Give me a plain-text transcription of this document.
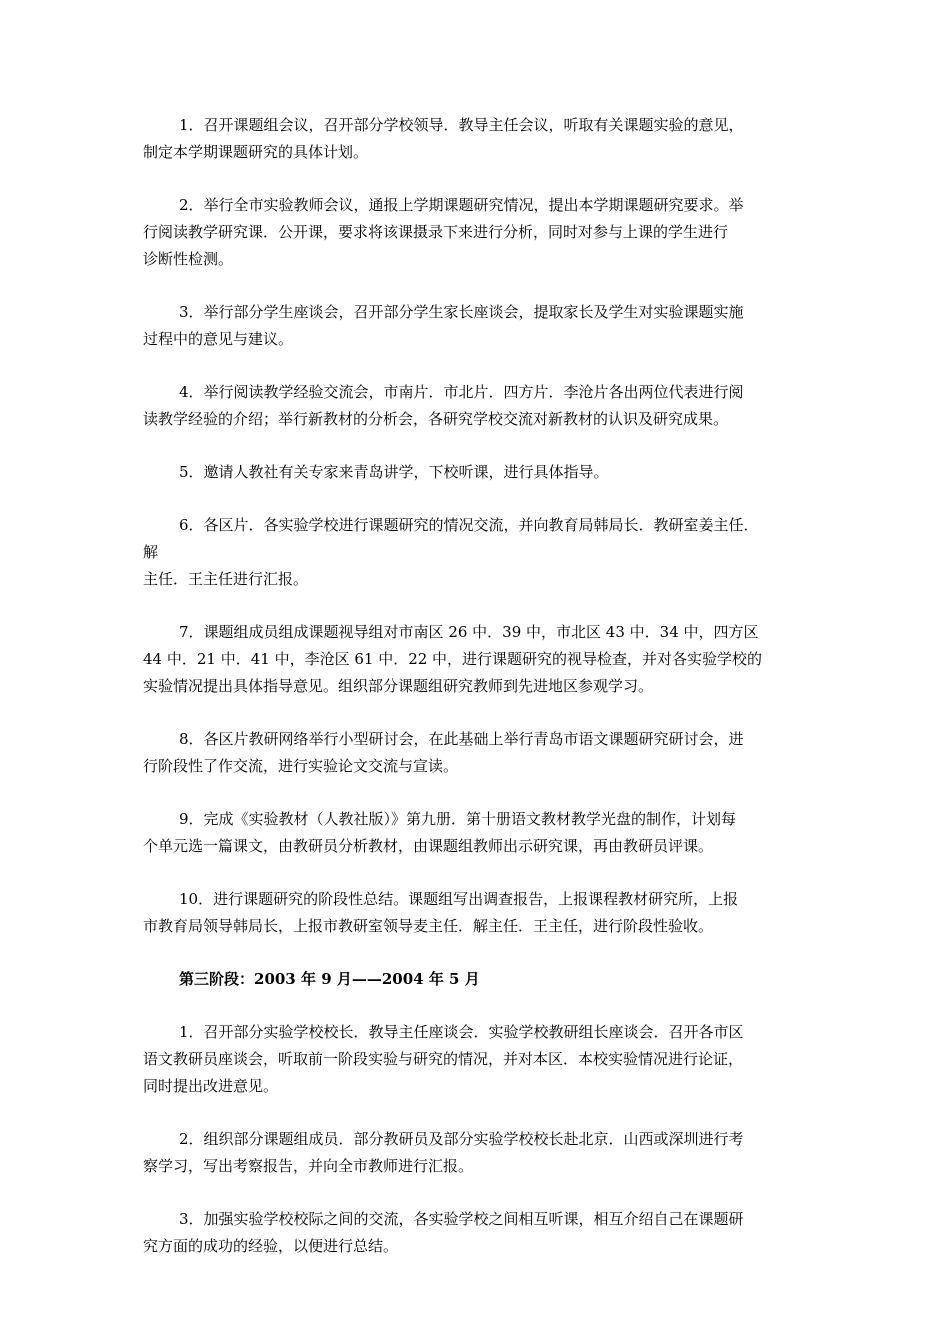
1．召开课题组会议，召开部分学校领导．教导主任会议，听取有关课题实验的意见，
制定本学期课题研究的具体计划。
2．举行全市实验教师会议，通报上学期课题研究情况，提出本学期课题研究要求。举
行阅读教学研究课．公开课，要求将该课摄录下来进行分析，同时对参与上课的学生进行
诊断性检测。
3．举行部分学生座谈会，召开部分学生家长座谈会，提取家长及学生对实验课题实施
过程中的意见与建议。
4．举行阅读教学经验交流会，市南片．市北片．四方片．李沧片各出两位代表进行阅
读教学经验的介绍；举行新教材的分析会，各研究学校交流对新教材的认识及研究成果。
5．邀请人教社有关专家来青岛讲学，下校听课，进行具体指导。
6．各区片．各实验学校进行课题研究的情况交流，并向教育局韩局长．教研室姜主任．
解
主任．王主任进行汇报。
7．课题组成员组成课题视导组对市南区 26 中．39 中，市北区 43 中．34 中，四方区
44 中．21 中．41 中，李沧区 61 中．22 中，进行课题研究的视导检查，并对各实验学校的
实验情况提出具体指导意见。组织部分课题组研究教师到先进地区参观学习。
8．各区片教研网络举行小型研讨会，在此基础上举行青岛市语文课题研究研讨会，进
行阶段性了作交流，进行实验论文交流与宣读。
9．完成《实验教材（人教社版）》第九册．第十册语文教材教学光盘的制作，计划每
个单元选一篇课文，由教研员分析教材，由课题组教师出示研究课，再由教研员评课。
10．进行课题研究的阶段性总结。课题组写出调查报告，上报课程教材研究所，上报
市教育局领导韩局长，上报市教研室领导麦主任．解主任．王主任，进行阶段性验收。
第三阶段：2003 年 9 月——2004 年 5 月
1．召开部分实验学校校长．教导主任座谈会．实验学校教研组长座谈会．召开各市区
语文教研员座谈会，听取前一阶段实验与研究的情况，并对本区．本校实验情况进行论证，
同时提出改进意见。
2．组织部分课题组成员．部分教研员及部分实验学校校长赴北京．山西或深圳进行考
察学习，写出考察报告，并向全市教师进行汇报。
3．加强实验学校校际之间的交流，各实验学校之间相互听课，相互介绍自己在课题研
究方面的成功的经验，以便进行总结。
